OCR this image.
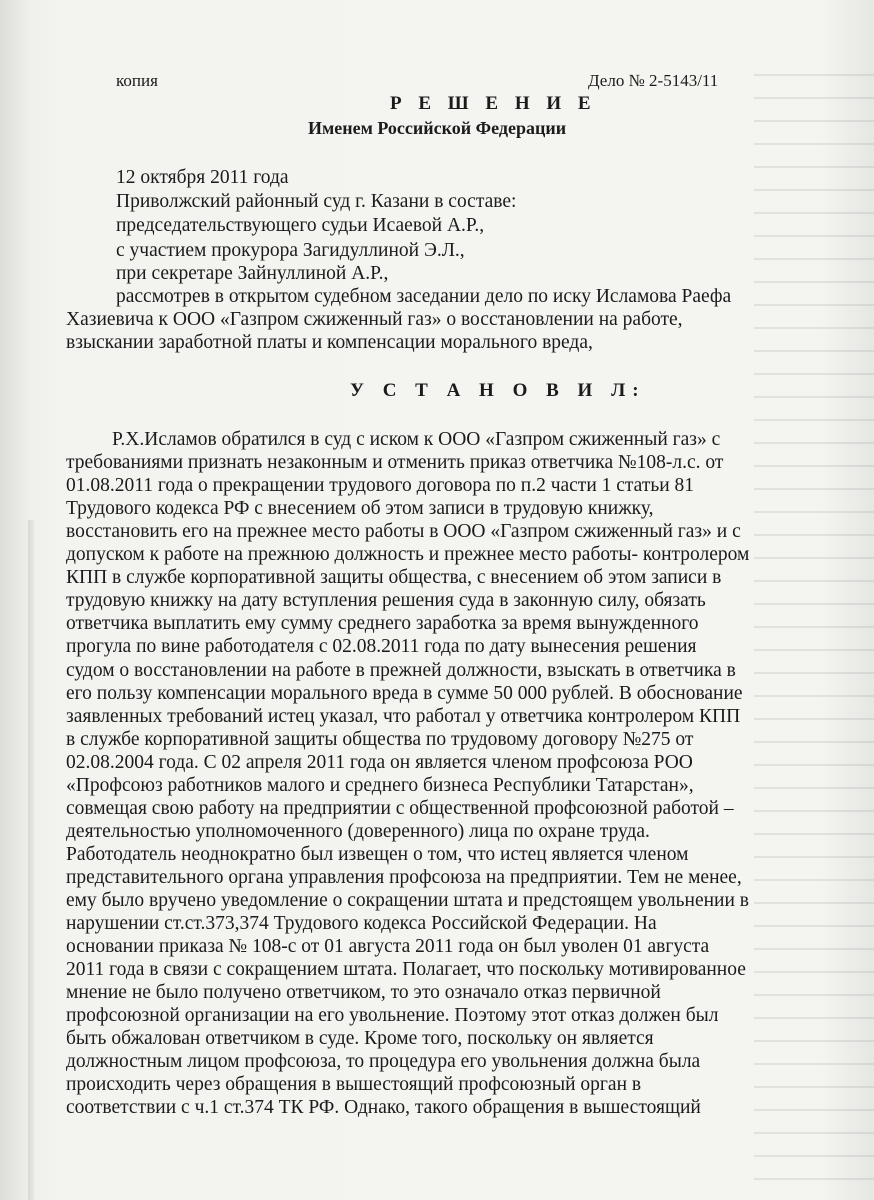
копия	Дело № 2-5143/11
Р Е Ш Е Н И Е
Именем Российской Федерации
12 октября 2011 года
Приволжский районный суд г. Казани в составе:
председательствующего судьи Исаевой А.Р.,
с участием прокурора Загидуллиной Э.Л.,
при секретаре Зайнуллиной А.Р.,
рассмотрев в открытом судебном заседании дело по иску Исламова Раефа
Хазиевича к ООО «Газпром сжиженный газ» о восстановлении на работе,
взыскании заработной платы и компенсации морального вреда,
У С Т А Н О В И Л:
Р.Х.Исламов обратился в суд с иском к ООО «Газпром сжиженный газ» с
требованиями признать незаконным и отменить приказ ответчика №108-л.с. от
01.08.2011 года о прекращении трудового договора по п.2 части 1 статьи 81
Трудового кодекса РФ с внесением об этом записи в трудовую книжку,
восстановить его на прежнее место работы в ООО «Газпром сжиженный газ» и с
допуском к работе на прежнюю должность и прежнее место работы- контролером
КПП в службе корпоративной защиты общества, с внесением об этом записи в
трудовую книжку на дату вступления решения суда в законную силу, обязать
ответчика выплатить ему сумму среднего заработка за время вынужденного
прогула по вине работодателя с 02.08.2011 года по дату вынесения решения
судом о восстановлении на работе в прежней должности, взыскать в ответчика в
его пользу компенсации морального вреда в сумме 50 000 рублей. В обоснование
заявленных требований истец указал, что работал у ответчика контролером КПП
в службе корпоративной защиты общества по трудовому договору №275 от
02.08.2004 года. С 02 апреля 2011 года он является членом профсоюза РОО
«Профсоюз работников малого и среднего бизнеса Республики Татарстан»,
совмещая свою работу на предприятии с общественной профсоюзной работой –
деятельностью уполномоченного (доверенного) лица по охране труда.
Работодатель неоднократно был извещен о том, что истец является членом
представительного органа управления профсоюза на предприятии. Тем не менее,
ему было вручено уведомление о сокращении штата и предстоящем увольнении в
нарушении ст.ст.373,374 Трудового кодекса Российской Федерации. На
основании приказа № 108-с от 01 августа 2011 года он был уволен 01 августа
2011 года в связи с сокращением штата. Полагает, что поскольку мотивированное
мнение не было получено ответчиком, то это означало отказ первичной
профсоюзной организации на его увольнение. Поэтому этот отказ должен был
быть обжалован ответчиком в суде. Кроме того, поскольку он является
должностным лицом профсоюза, то процедура его увольнения должна была
происходить через обращения в вышестоящий профсоюзный орган в
соответствии с ч.1 ст.374 ТК РФ. Однако, такого обращения в вышестоящий
